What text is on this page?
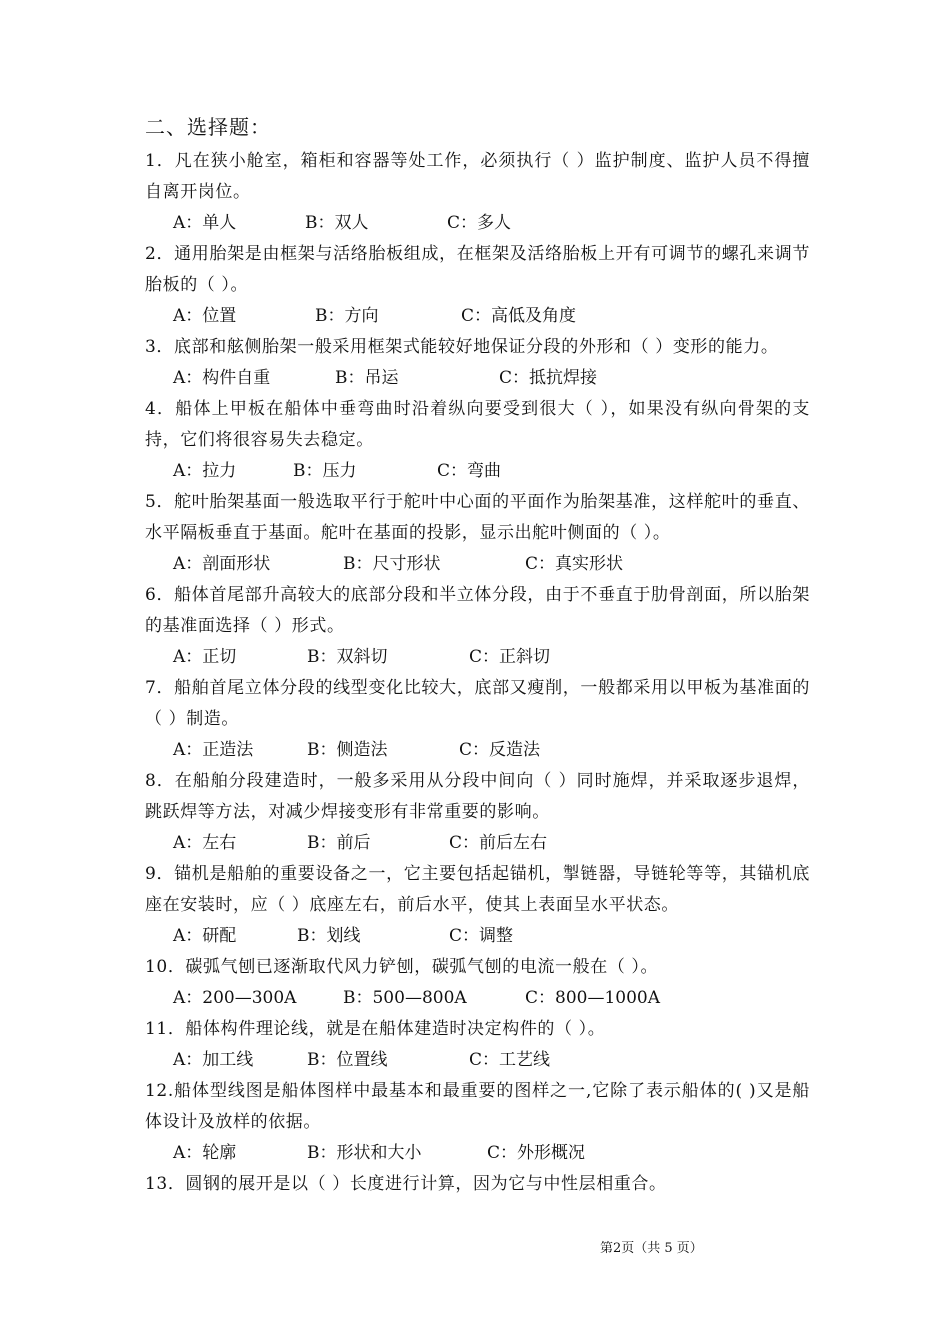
二、选择题：
1．凡在狭小舱室，箱柜和容器等处工作，必须执行（ ）监护制度、监护人员不得擅自离开岗位。
A：单人	B：双人	C：多人
2．通用胎架是由框架与活络胎板组成，在框架及活络胎板上开有可调节的螺孔来调节胎板的（ ）。
A：位置	B：方向	C：高低及角度
3．底部和舷侧胎架一般采用框架式能较好地保证分段的外形和（ ）变形的能力。
A：构件自重	B：吊运	C：抵抗焊接
4．船体上甲板在船体中垂弯曲时沿着纵向要受到很大（ ），如果没有纵向骨架的支持，它们将很容易失去稳定。
A：拉力	B：压力	C：弯曲
5．舵叶胎架基面一般选取平行于舵叶中心面的平面作为胎架基准，这样舵叶的垂直、水平隔板垂直于基面。舵叶在基面的投影，显示出舵叶侧面的（ ）。
A：剖面形状	B：尺寸形状	C：真实形状
6．船体首尾部升高较大的底部分段和半立体分段，由于不垂直于肋骨剖面，所以胎架的基准面选择（ ）形式。
A：正切	B：双斜切	C：正斜切
7．船舶首尾立体分段的线型变化比较大，底部又瘦削，一般都采用以甲板为基准面的（ ）制造。
A：正造法	B：侧造法	C：反造法
8．在船舶分段建造时，一般多采用从分段中间向（ ）同时施焊，并采取逐步退焊，跳跃焊等方法，对减少焊接变形有非常重要的影响。
A：左右	B：前后	C：前后左右
9．锚机是船舶的重要设备之一，它主要包括起锚机，掣链器，导链轮等等，其锚机底座在安装时，应（ ）底座左右，前后水平，使其上表面呈水平状态。
A：研配	B：划线	C：调整
10．碳弧气刨已逐渐取代风力铲刨，碳弧气刨的电流一般在（ ）。
A：200—300A	B：500—800A	C：800—1000A
11．船体构件理论线，就是在船体建造时决定构件的（ ）。
A：加工线	B：位置线	C：工艺线
12.船体型线图是船体图样中最基本和最重要的图样之一,它除了表示船体的( )又是船体设计及放样的依据。
A：轮廓	B：形状和大小	C：外形概况
13．圆钢的展开是以（ ）长度进行计算，因为它与中性层相重合。
第2页（共 5 页）
